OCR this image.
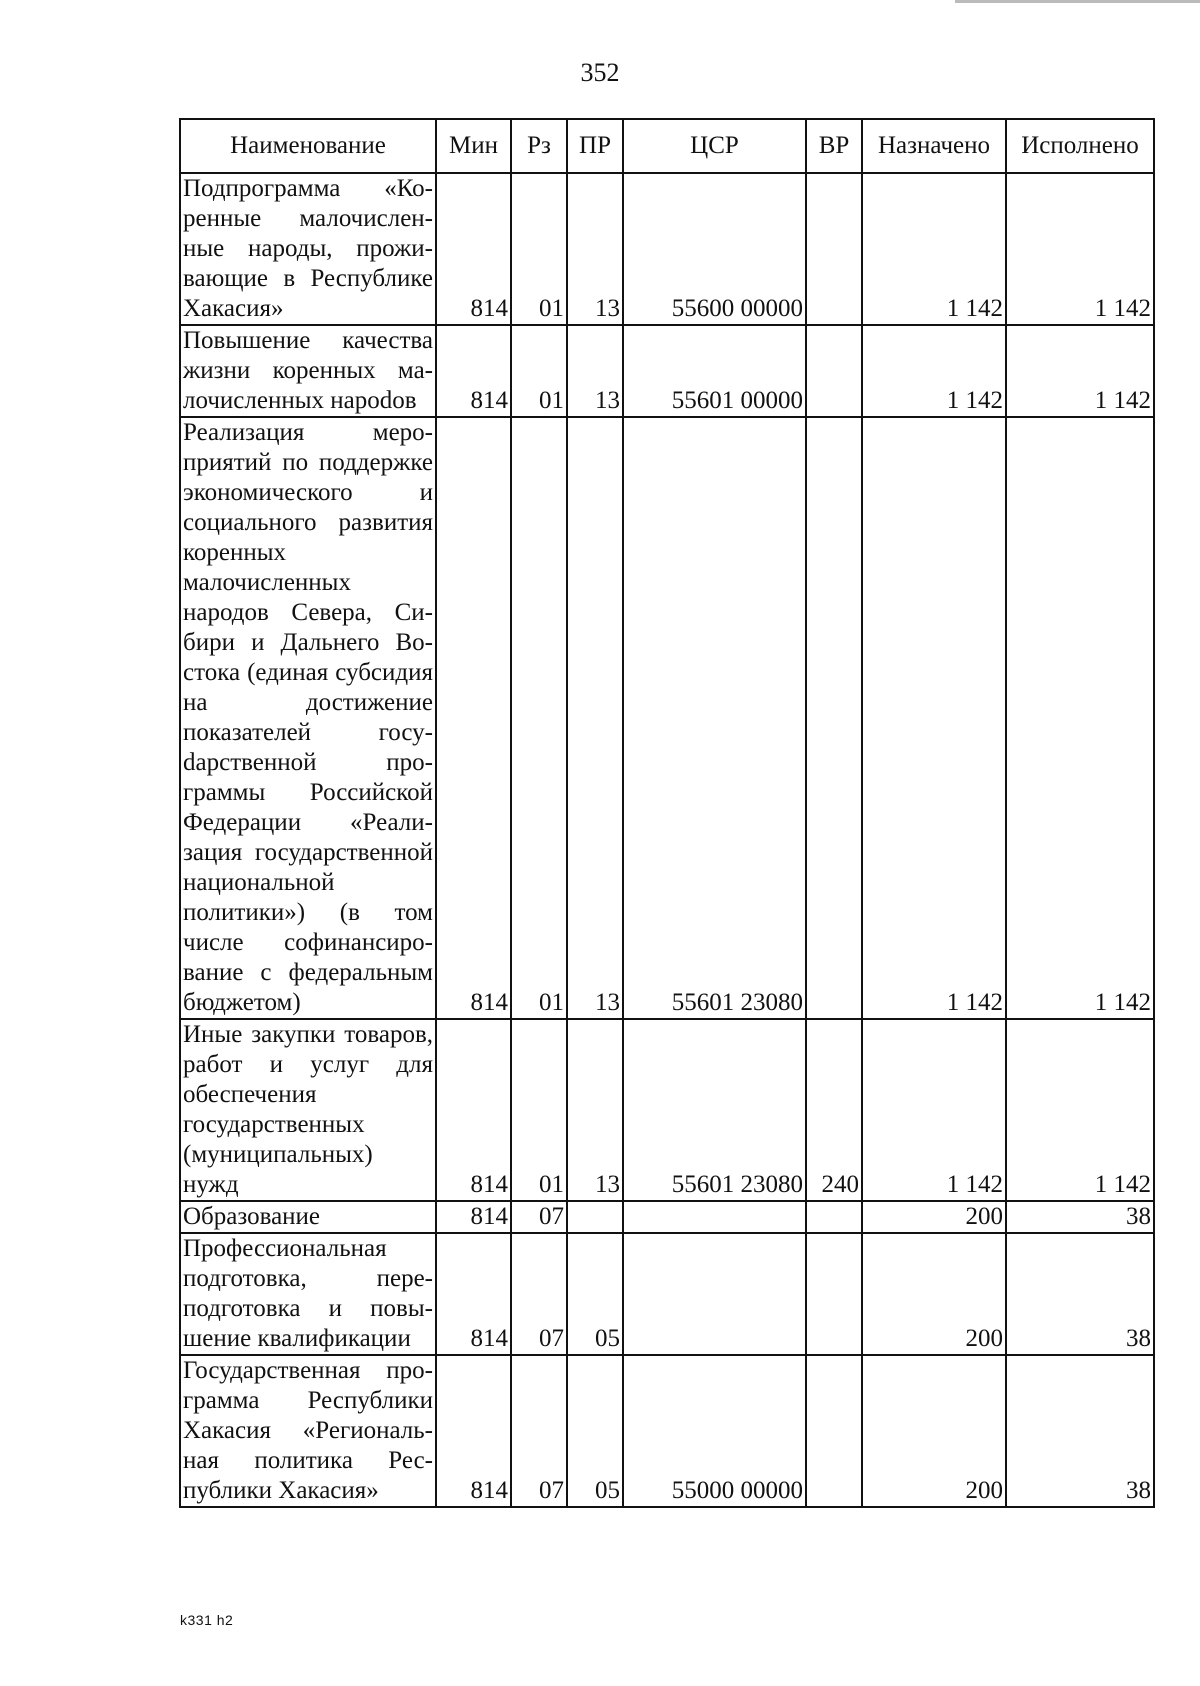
352
Наименование	Мин	Рз	ПР	ЦСР	ВР	Назначено	Исполнено
Подпрограмма «Коренные малочисленные народы, проживающие в Республике Хакасия»	814	01	13	55600 00000		1 142	1 142
Повышение качества жизни коренных малочисленных нароdов	814	01	13	55601 00000		1 142	1 142
Реализация мероприятий по поддержке экономического и социального развития коренных малочисленных народов Севера, Сибири и Дальнего Востока (единая субсидия на достижение показателей госуdарственной программы Российской Федерации «Реализация государственной национальной политики») (в том числе софинансирование с федеральным бюджетом)	814	01	13	55601 23080		1 142	1 142
Иные закупки товаров, работ и услуг для обеспечения государственных (муниципальных) нужд	814	01	13	55601 23080	240	1 142	1 142
Образование	814	07				200	38
Профессиональная подготовка, переподготовка и повышение квалификации	814	07	05			200	38
Государственная программа Республики Хакасия «Региональная политика Республики Хакасия»	814	07	05	55000 00000		200	38
k331 h2
